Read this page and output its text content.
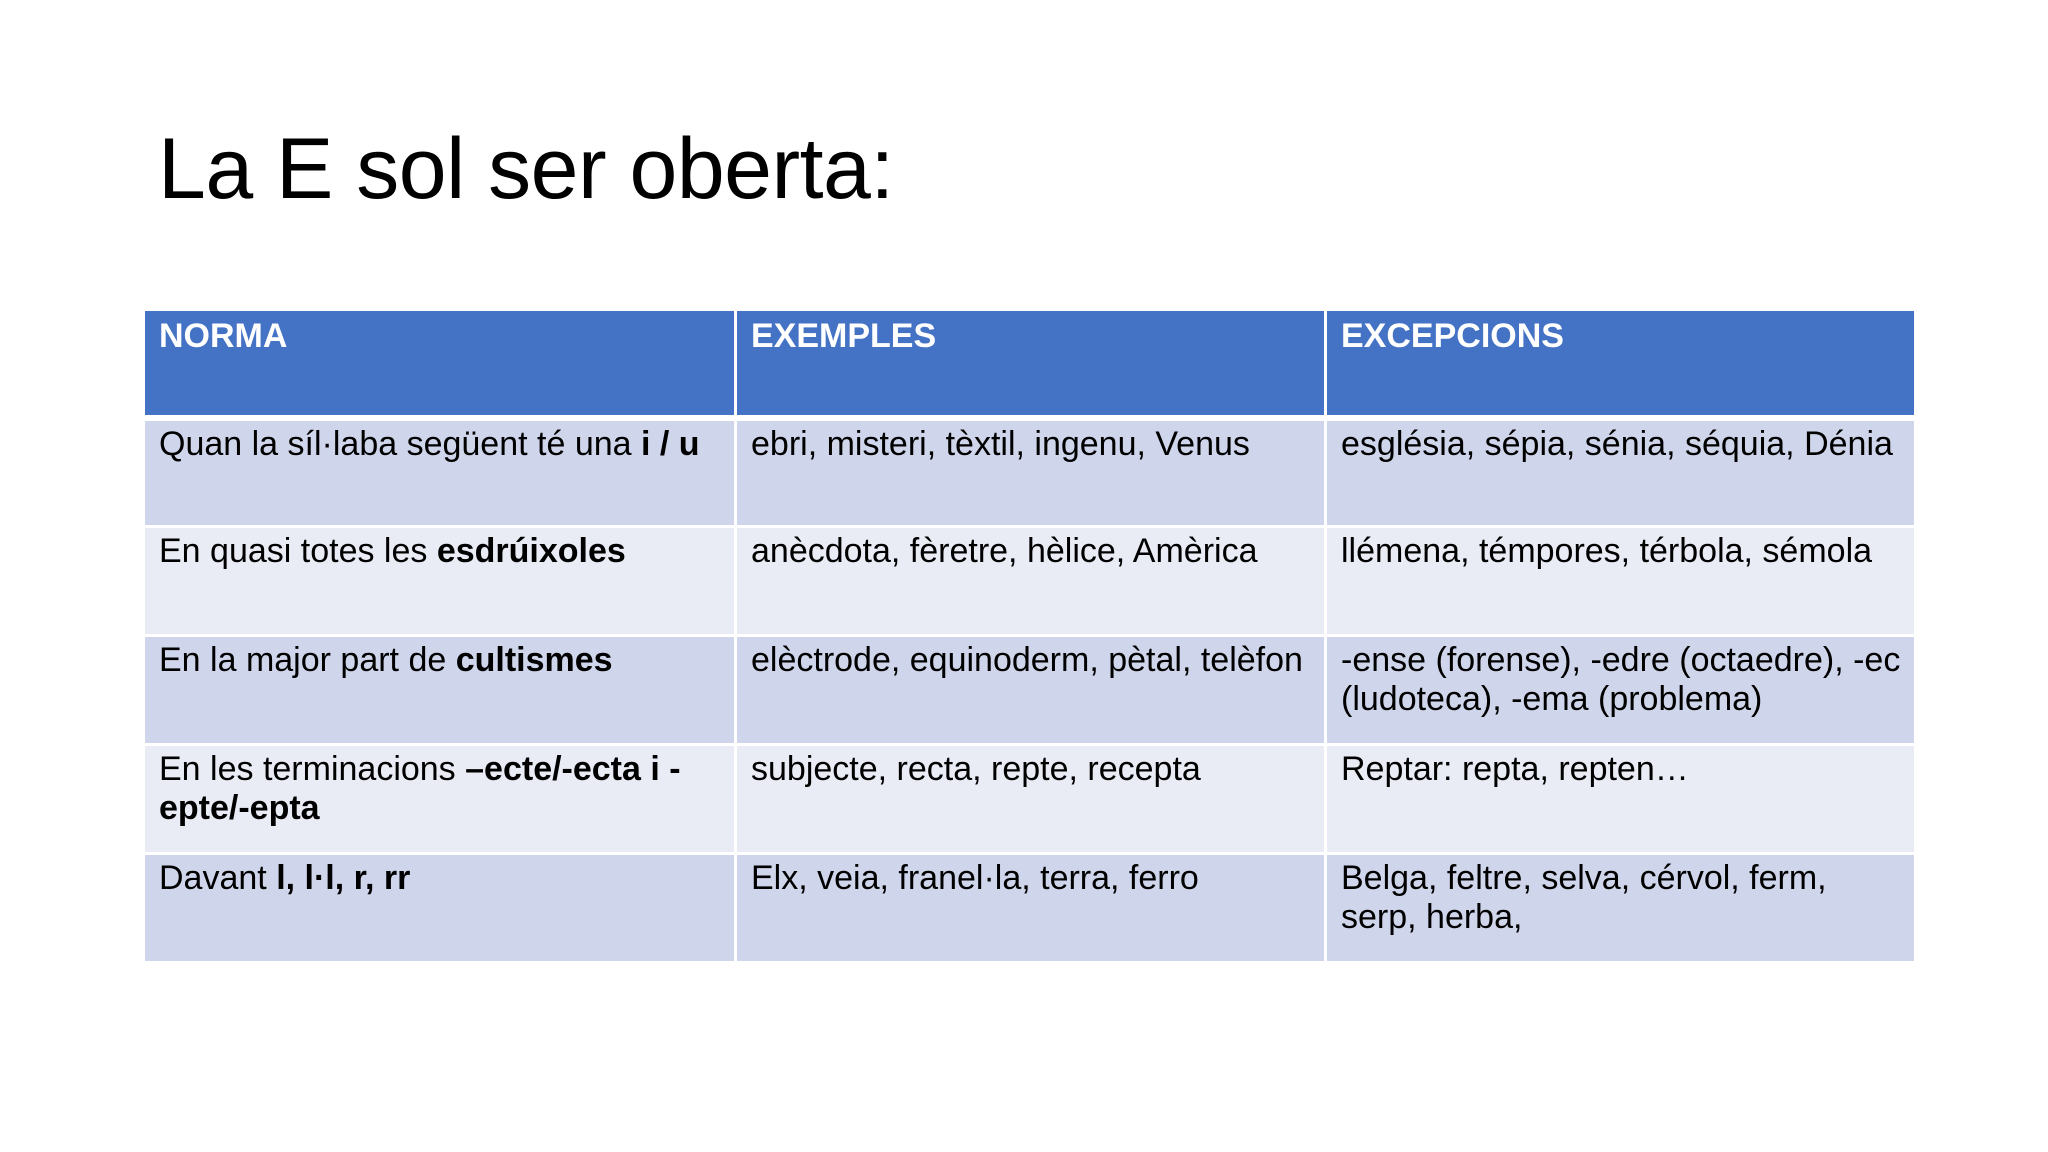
La E sol ser oberta:
NORMA	EXEMPLES	EXCEPCIONS
Quan la síl·laba següent té una i / u	ebri, misteri, tèxtil, ingenu, Venus	església, sépia, sénia, séquia, Dénia
En quasi totes les esdrúixoles	anècdota, fèretre, hèlice, Amèrica	llémena, témpores, térbola, sémola
En la major part de cultismes	elèctrode, equinoderm, pètal, telèfon	-ense (forense), -edre (octaedre), -ec (ludoteca), -ema (problema)
En les terminacions –ecte/-ecta i -epte/-epta	subjecte, recta, repte, recepta	Reptar: repta, repten…
Davant l, l·l, r, rr	Elx, veia, franel·la, terra, ferro	Belga, feltre, selva, cérvol, ferm, serp, herba,
